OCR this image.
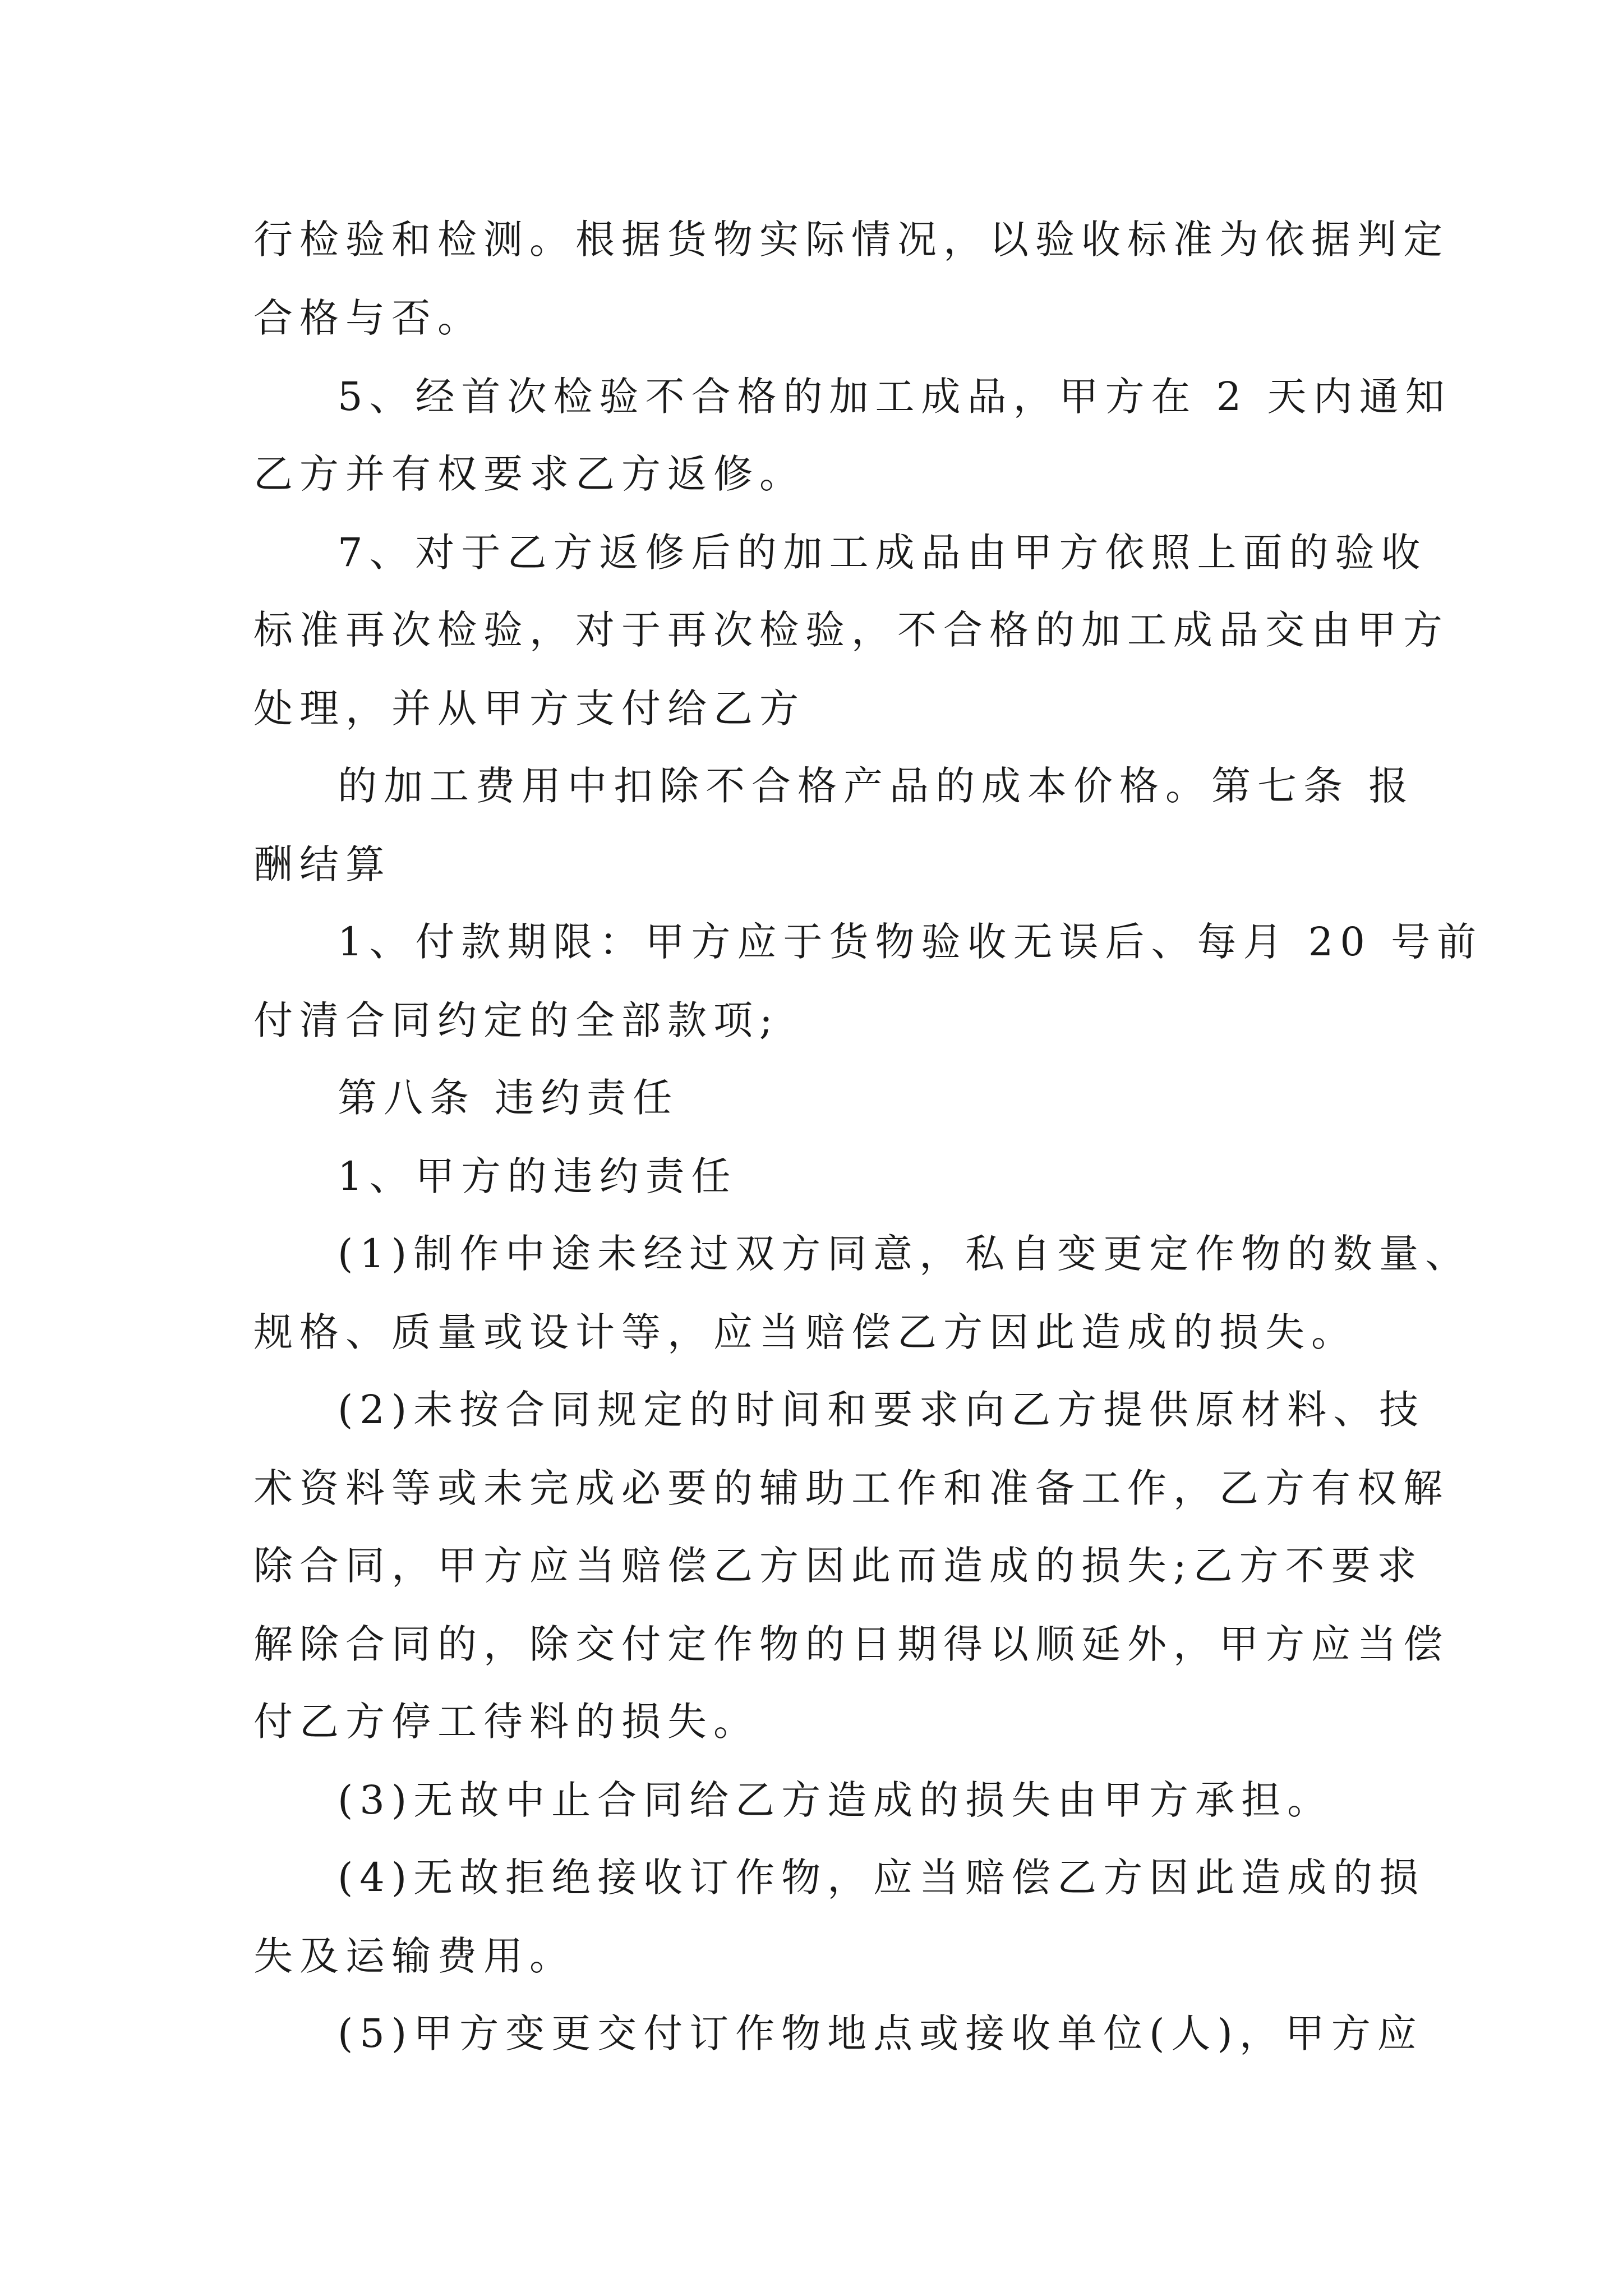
行检验和检测。根据货物实际情况，以验收标准为依据判定
合格与否。
5、经首次检验不合格的加工成品，甲方在 2 天内通知
乙方并有权要求乙方返修。
7、对于乙方返修后的加工成品由甲方依照上面的验收
标准再次检验，对于再次检验，不合格的加工成品交由甲方
处理，并从甲方支付给乙方
的加工费用中扣除不合格产品的成本价格。第七条 报
酬结算
1、付款期限：甲方应于货物验收无误后、每月 20 号前
付清合同约定的全部款项;
第八条 违约责任
1、甲方的违约责任
(1)制作中途未经过双方同意，私自变更定作物的数量、
规格、质量或设计等，应当赔偿乙方因此造成的损失。
(2)未按合同规定的时间和要求向乙方提供原材料、技
术资料等或未完成必要的辅助工作和准备工作，乙方有权解
除合同，甲方应当赔偿乙方因此而造成的损失;乙方不要求
解除合同的，除交付定作物的日期得以顺延外，甲方应当偿
付乙方停工待料的损失。
(3)无故中止合同给乙方造成的损失由甲方承担。
(4)无故拒绝接收订作物，应当赔偿乙方因此造成的损
失及运输费用。
(5)甲方变更交付订作物地点或接收单位(人)，甲方应
